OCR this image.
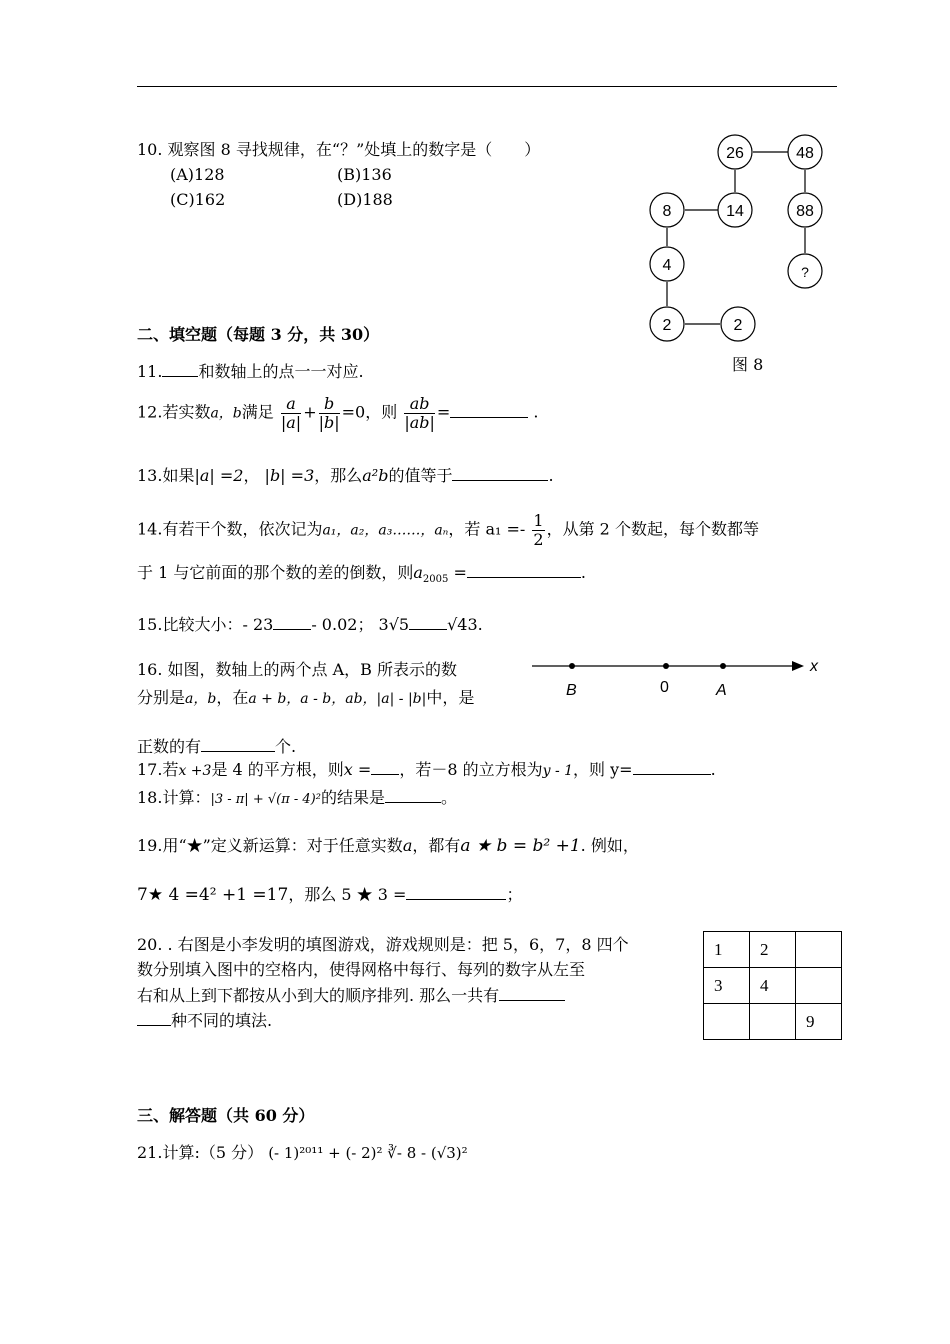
10. 观察图 8 寻找规律，在“？”处填上的数字是（　　）
(A)128	(B)136
(C)162	(D)188
26	48
8	14	88
4	?
2	2
图 8
二、填空题（每题 3 分，共 30）
11. 和数轴上的点一一对应.
12.若实数a，b满足 $\frac{a}{|a|} + \frac{b}{|b|} =0$，则 $\frac{ab}{|ab|}$ =	.
13.如果|a| =2， |b| =3，那么a²b的值等于	.
14.有若干个数，依次记为a₁，a₂，a₃……，aₙ，若 $a_1 =- \frac{1}{2}$ ，从第 2 个数起，每个数都等
于 1 与它前面的那个数的差的倒数，则$a_{2005}$ =	.
15.比较大小：- 23 - 0.02； 3√5 √43.
16. 如图，数轴上的两个点 A，B 所表示的数
分别是a，b，在a + b，a - b，ab，|a| - |b|中，是
正数的有	个.
B	0	A
x
17.若x +3是 4 的平方根，则x = ，若－8 的立方根为y - 1，则 y=	.
18.计算：|3 - π| + √(π - 4)²的结果是	。
19.用“★”定义新运算：对于任意实数a，都有a ★ b = b² +1. 例如，
7★ 4 =4² +1 =17，那么 5 ★ 3 =	；
20. . 右图是小李发明的填图游戏，游戏规则是：把 5，6，7，8 四个
数分别填入图中的空格内，使得网格中每行、每列的数字从左至
右和从上到下都按从小到大的顺序排列. 那么一共有
种不同的填法.
1	2	
3	4	
		9
三、解答题（共 60 分）
21.计算:（5 分） (- 1)²⁰¹¹ + (- 2)² ∛- 8 - (√3)²
